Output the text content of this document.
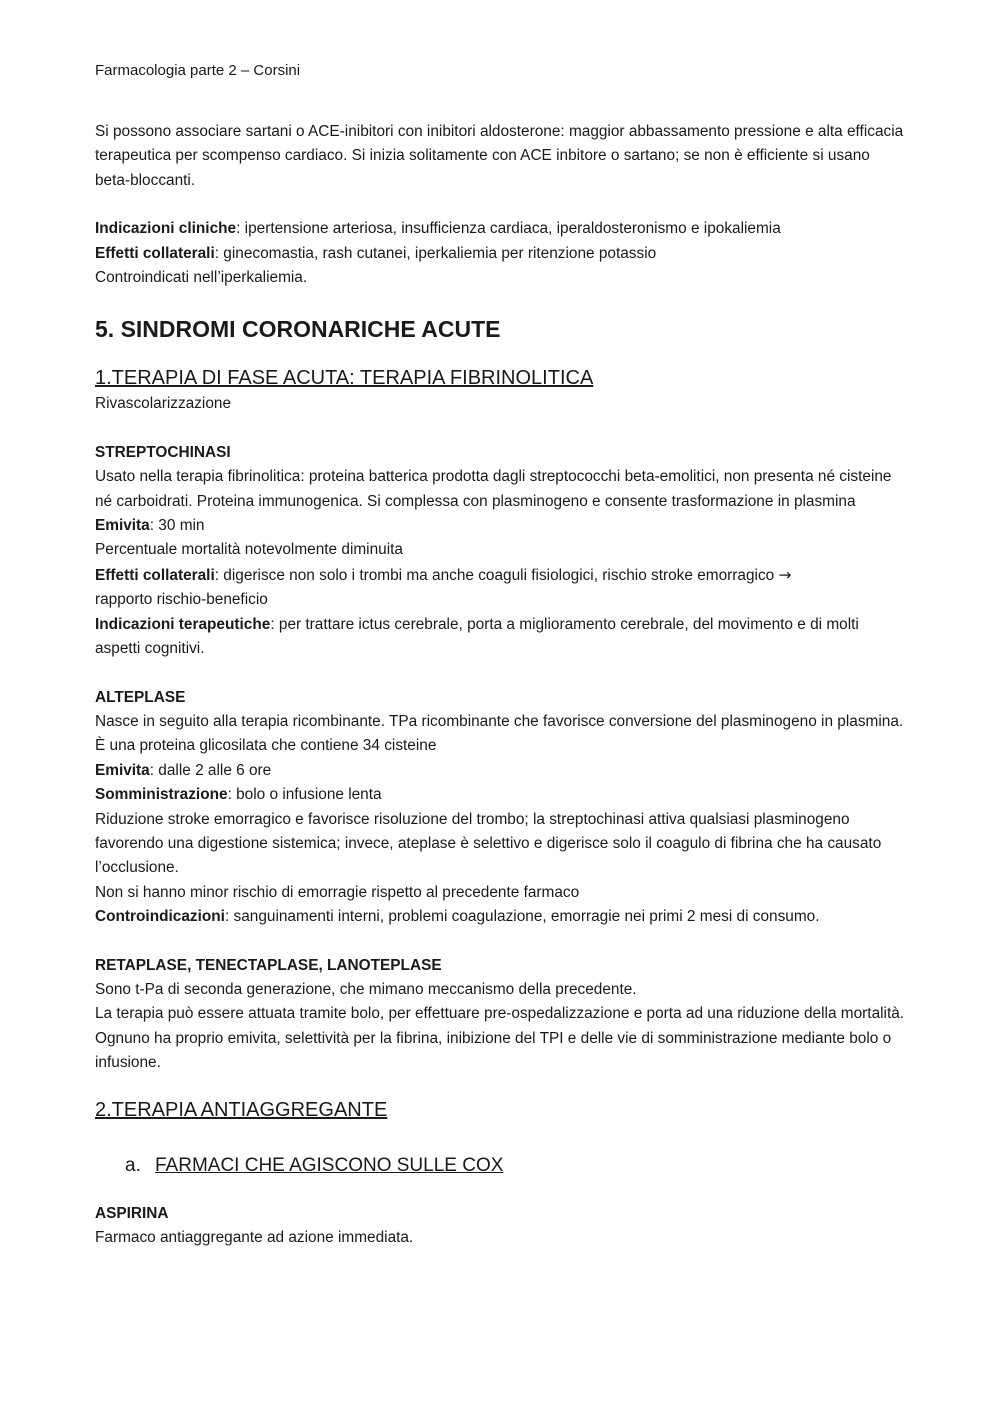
Farmacologia parte 2 – Corsini

Si possono associare sartani o ACE-inibitori con inibitori aldosterone: maggior abbassamento pressione e alta efficacia terapeutica per scompenso cardiaco. Si inizia solitamente con ACE inbitore o sartano; se non è efficiente si usano beta-bloccanti.

Indicazioni cliniche: ipertensione arteriosa, insufficienza cardiaca, iperaldosteronismo e ipokaliemia

Effetti collaterali: ginecomastia, rash cutanei, iperkaliemia per ritenzione potassio

Controindicati nell’iperkaliemia.

5. SINDROMI CORONARICHE ACUTE
1.TERAPIA DI FASE ACUTA: TERAPIA FIBRINOLITICA

Rivascolarizzazione

STREPTOCHINASI

Usato nella terapia fibrinolitica: proteina batterica prodotta dagli streptococchi beta-emolitici, non presenta né cisteine né carboidrati. Proteina immunogenica. Si complessa con plasminogeno e consente trasformazione in plasmina

Emivita: 30 min

Percentuale mortalità notevolmente diminuita

Effetti collaterali: digerisce non solo i trombi ma anche coaguli fisiologici, rischio stroke emorragico →

rapporto rischio-beneficio

Indicazioni terapeutiche: per trattare ictus cerebrale, porta a miglioramento cerebrale, del movimento e di molti aspetti cognitivi.

ALTEPLASE

Nasce in seguito alla terapia ricombinante. TPa ricombinante che favorisce conversione del plasminogeno in plasmina. È una proteina glicosilata che contiene 34 cisteine

Emivita: dalle 2 alle 6 ore

Somministrazione: bolo o infusione lenta

Riduzione stroke emorragico e favorisce risoluzione del trombo; la streptochinasi attiva qualsiasi plasminogeno favorendo una digestione sistemica; invece, ateplase è selettivo e digerisce solo il coagulo di fibrina che ha causato l’occlusione.

Non si hanno minor rischio di emorragie rispetto al precedente farmaco

Controindicazioni: sanguinamenti interni, problemi coagulazione, emorragie nei primi 2 mesi di consumo.

RETAPLASE, TENECTAPLASE, LANOTEPLASE

Sono t-Pa di seconda generazione, che mimano meccanismo della precedente.

La terapia può essere attuata tramite bolo, per effettuare pre-ospedalizzazione e porta ad una riduzione della mortalità.

Ognuno ha proprio emivita, selettività per la fibrina, inibizione del TPI e delle vie di somministrazione mediante bolo o infusione.

2.TERAPIA ANTIAGGREGANTE
a. FARMACI CHE AGISCONO SULLE COX

ASPIRINA

Farmaco antiaggregante ad azione immediata.
